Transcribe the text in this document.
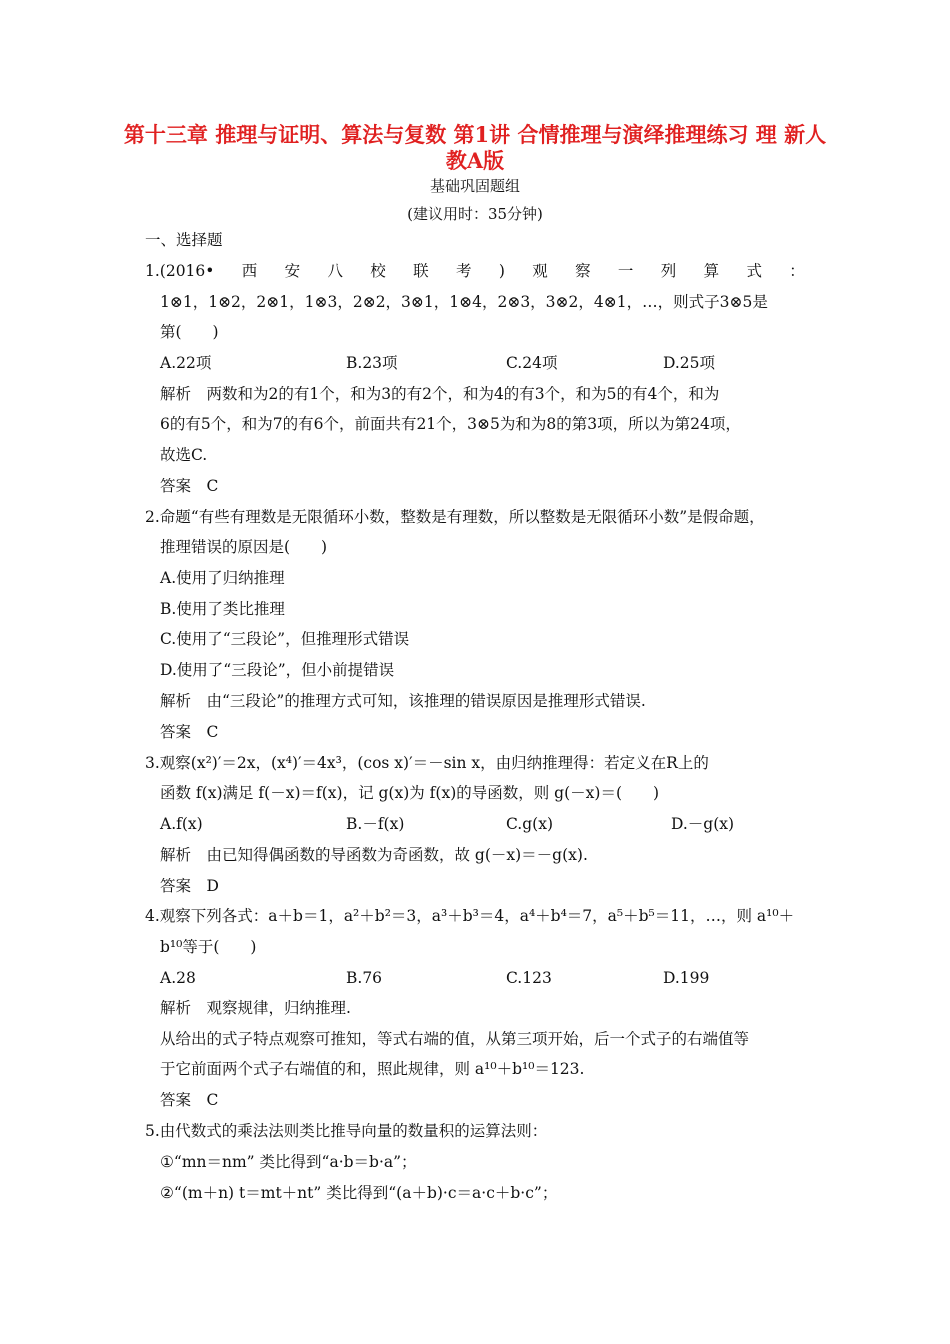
第十三章 推理与证明、算法与复数 第1讲 合情推理与演绎推理练习 理 新人教A版
基础巩固题组
(建议用时：35分钟)
一、选择题
1.(2016• 西 安 八 校 联 考 ) 观 察 一 列 算 式 ：
1⊗1，1⊗2，2⊗1，1⊗3，2⊗2，3⊗1，1⊗4，2⊗3，3⊗2，4⊗1，…，则式子3⊗5是
第(　　)
A.22项	B.23项	C.24项	D.25项
解析　两数和为2的有1个，和为3的有2个，和为4的有3个，和为5的有4个，和为
6的有5个，和为7的有6个，前面共有21个，3⊗5为和为8的第3项，所以为第24项，
故选C.
答案　C
2.命题“有些有理数是无限循环小数，整数是有理数，所以整数是无限循环小数”是假命题，
推理错误的原因是(　　)
A.使用了归纳推理
B.使用了类比推理
C.使用了“三段论”，但推理形式错误
D.使用了“三段论”，但小前提错误
解析　由“三段论”的推理方式可知，该推理的错误原因是推理形式错误.
答案　C
3.观察(x²)′＝2x，(x⁴)′＝4x³，(cos x)′＝－sin x，由归纳推理得：若定义在R上的
函数 f(x)满足 f(－x)＝f(x)，记 g(x)为 f(x)的导函数，则 g(－x)＝(　　)
A.f(x)	B.－f(x)	C.g(x)	D.－g(x)
解析　由已知得偶函数的导函数为奇函数，故 g(－x)＝－g(x).
答案　D
4.观察下列各式：a＋b＝1，a²＋b²＝3，a³＋b³＝4，a⁴＋b⁴＝7，a⁵＋b⁵＝11，…，则 a¹⁰＋
b¹⁰等于(　　)
A.28	B.76	C.123	D.199
解析　观察规律，归纳推理.
从给出的式子特点观察可推知，等式右端的值，从第三项开始，后一个式子的右端值等
于它前面两个式子右端值的和，照此规律，则 a¹⁰＋b¹⁰＝123.
答案　C
5.由代数式的乘法法则类比推导向量的数量积的运算法则：
①“mn＝nm” 类比得到“a·b＝b·a”；
②“(m＋n) t＝mt＋nt” 类比得到“(a＋b)·c＝a·c＋b·c”；
